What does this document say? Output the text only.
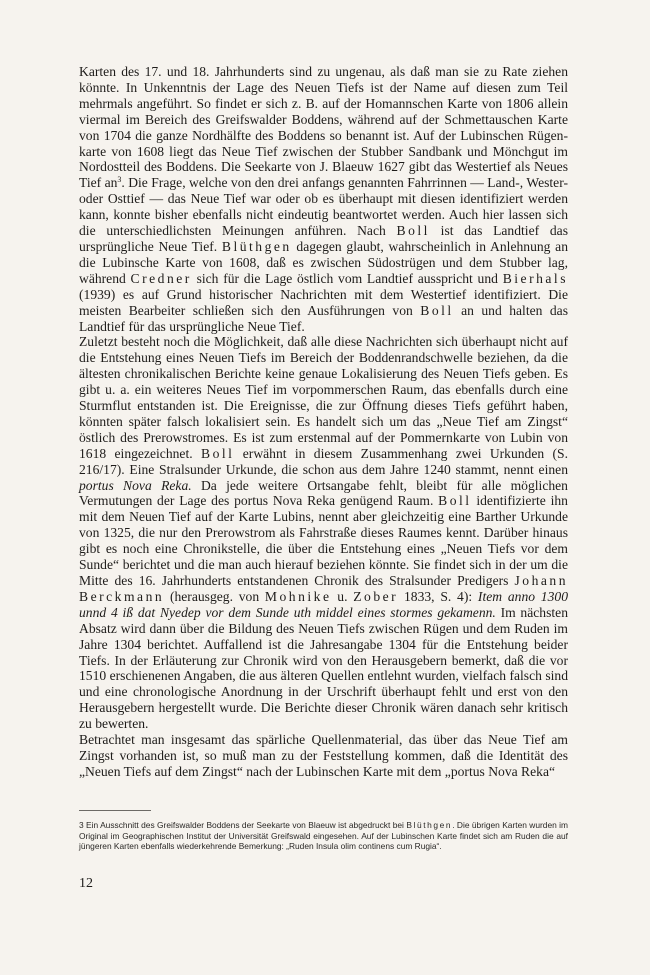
Karten des 17. und 18. Jahrhunderts sind zu ungenau, als daß man sie zu Rate ziehen könnte. In Unkenntnis der Lage des Neuen Tiefs ist der Name auf diesen zum Teil mehrmals angeführt. So findet er sich z. B. auf der Homannschen Karte von 1806 allein viermal im Bereich des Greifswalder Boddens, während auf der Schmettauschen Karte von 1704 die ganze Nordhälfte des Boddens so benannt ist. Auf der Lubinschen Rügenkarte von 1608 liegt das Neue Tief zwischen der Stubber Sandbank und Mönchgut im Nordostteil des Boddens. Die Seekarte von J. Blaeuw 1627 gibt das Westertief als Neues Tief $an^3$. Die Frage, welche von den drei anfangs genannten Fahrrinnen — Land-, Wester- oder Osttief — das Neue Tief war oder ob es überhaupt mit diesen identifiziert werden kann, konnte bisher ebenfalls nicht eindeutig beantwortet werden. Auch hier lassen sich die unterschiedlichsten Meinungen anführen. Nach Boll ist das Landtief das ursprüngliche Neue Tief. Blüthgen dagegen glaubt, wahrscheinlich in Anlehnung an die Lubinsche Karte von 1608, daß es zwischen Südostrügen und dem Stubber lag, während Credner sich für die Lage östlich vom Landtief ausspricht und Bierhals (1939) es auf Grund historischer Nachrichten mit dem Westertief identifiziert. Die meisten Bearbeiter schließen sich den Ausführungen von Boll an und halten das Landtief für das ursprüngliche Neue Tief.

Zuletzt besteht noch die Möglichkeit, daß alle diese Nachrichten sich überhaupt nicht auf die Entstehung eines Neuen Tiefs im Bereich der Boddenrandschwelle beziehen, da die ältesten chronikalischen Berichte keine genaue Lokalisierung des Neuen Tiefs geben. Es gibt u. a. ein weiteres Neues Tief im vorpommerschen Raum, das ebenfalls durch eine Sturmflut entstanden ist. Die Ereignisse, die zur Öffnung dieses Tiefs geführt haben, könnten später falsch lokalisiert sein. Es handelt sich um das „Neue Tief am Zingst“ östlich des Prerowstromes. Es ist zum erstenmal auf der Pommernkarte von Lubin von 1618 eingezeichnet. Boll erwähnt in diesem Zusammenhang zwei Urkunden (S. 216/17). Eine Stralsunder Urkunde, die schon aus dem Jahre 1240 stammt, nennt einen portus Nova Reka. Da jede weitere Ortsangabe fehlt, bleibt für alle möglichen Vermutungen der Lage des portus Nova Reka genügend Raum. Boll identifizierte ihn mit dem Neuen Tief auf der Karte Lubins, nennt aber gleichzeitig eine Barther Urkunde von 1325, die nur den Prerowstrom als Fahrstraße dieses Raumes kennt. Darüber hinaus gibt es noch eine Chronikstelle, die über die Entstehung eines „Neuen Tiefs vor dem Sunde“ berichtet und die man auch hierauf beziehen könnte. Sie findet sich in der um die Mitte des 16. Jahrhunderts entstandenen Chronik des Stralsunder Predigers Johann Berckmann (herausgeg. von Mohnike u. Zober 1833, S. 4): Item anno 1300 unnd 4 iß dat Nyedep vor dem Sunde uth middel eines stormes gekamenn. Im nächsten Absatz wird dann über die Bildung des Neuen Tiefs zwischen Rügen und dem Ruden im Jahre 1304 berichtet. Auffallend ist die Jahresangabe 1304 für die Entstehung beider Tiefs. In der Erläuterung zur Chronik wird von den Herausgebern bemerkt, daß die vor 1510 erschienenen Angaben, die aus älteren Quellen entlehnt wurden, vielfach falsch sind und eine chronologische Anordnung in der Urschrift überhaupt fehlt und erst von den Herausgebern hergestellt wurde. Die Berichte dieser Chronik wären danach sehr kritisch zu bewerten.

Betrachtet man insgesamt das spärliche Quellenmaterial, das über das Neue Tief am Zingst vorhanden ist, so muß man zu der Feststellung kommen, daß die Identität des „Neuen Tiefs auf dem Zingst“ nach der Lubinschen Karte mit dem „portus Nova Reka“

3 Ein Ausschnitt des Greifswalder Boddens der Seekarte von Blaeuw ist abgedruckt bei Blüthgen. Die übrigen Karten wurden im Original im Geographischen Institut der Universität Greifswald eingesehen. Auf der Lubinschen Karte findet sich am Ruden die auf jüngeren Karten ebenfalls wiederkehrende Bemerkung: „Ruden Insula olim continens cum Rugia“.
12
